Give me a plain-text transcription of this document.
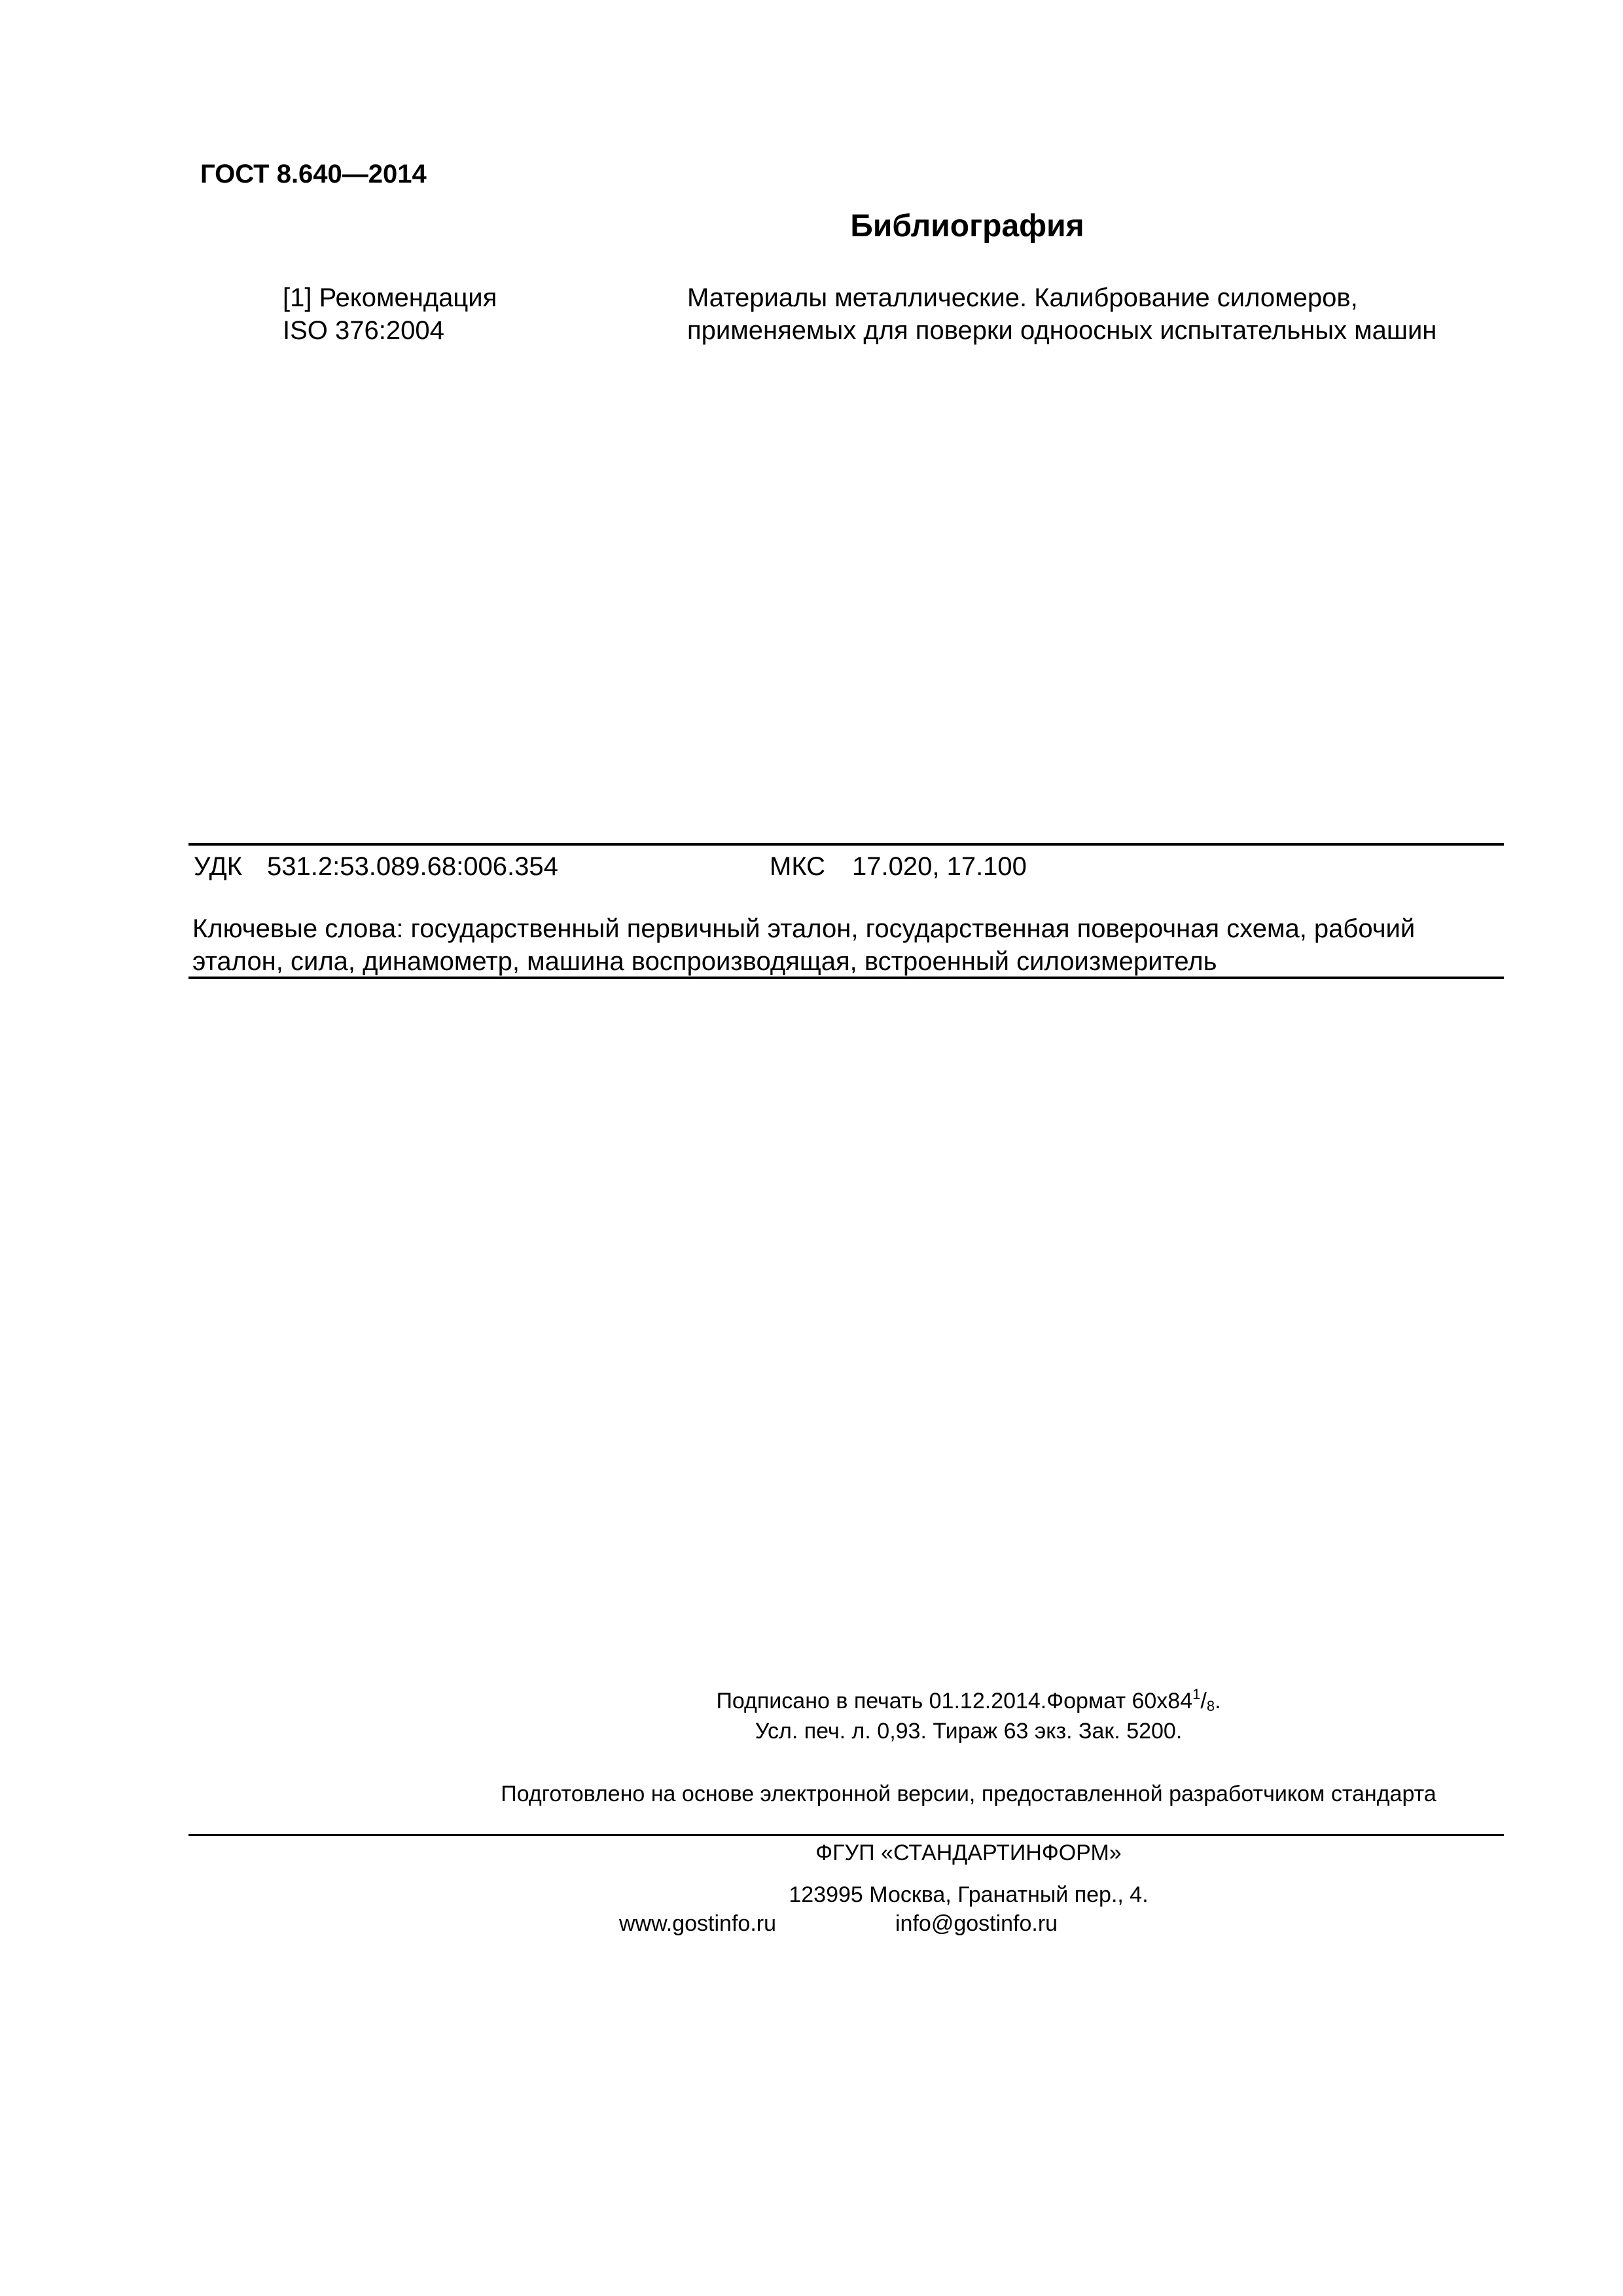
ГОСТ 8.640—2014
Библиография
[1] Рекомендация
ISO 376:2004
Материалы металлические. Калибрование силомеров, применяемых для поверки одноосных испытательных машин
УДК 531.2:53.089.68:006.354	МКС 17.020, 17.100
Ключевые слова: государственный первичный эталон, государственная поверочная схема, рабочий эталон, сила, динамометр, машина воспроизводящая, встроенный силоизмеритель
Подписано в печать 01.12.2014.Формат $60х84^1/_8$.
Усл. печ. л. 0,93. Тираж 63 экз. Зак. 5200.
Подготовлено на основе электронной версии, предоставленной разработчиком стандарта
ФГУП «СТАНДАРТИНФОРМ»
123995 Москва, Гранатный пер., 4.
www.gostinfo.ru	info@gostinfo.ru
